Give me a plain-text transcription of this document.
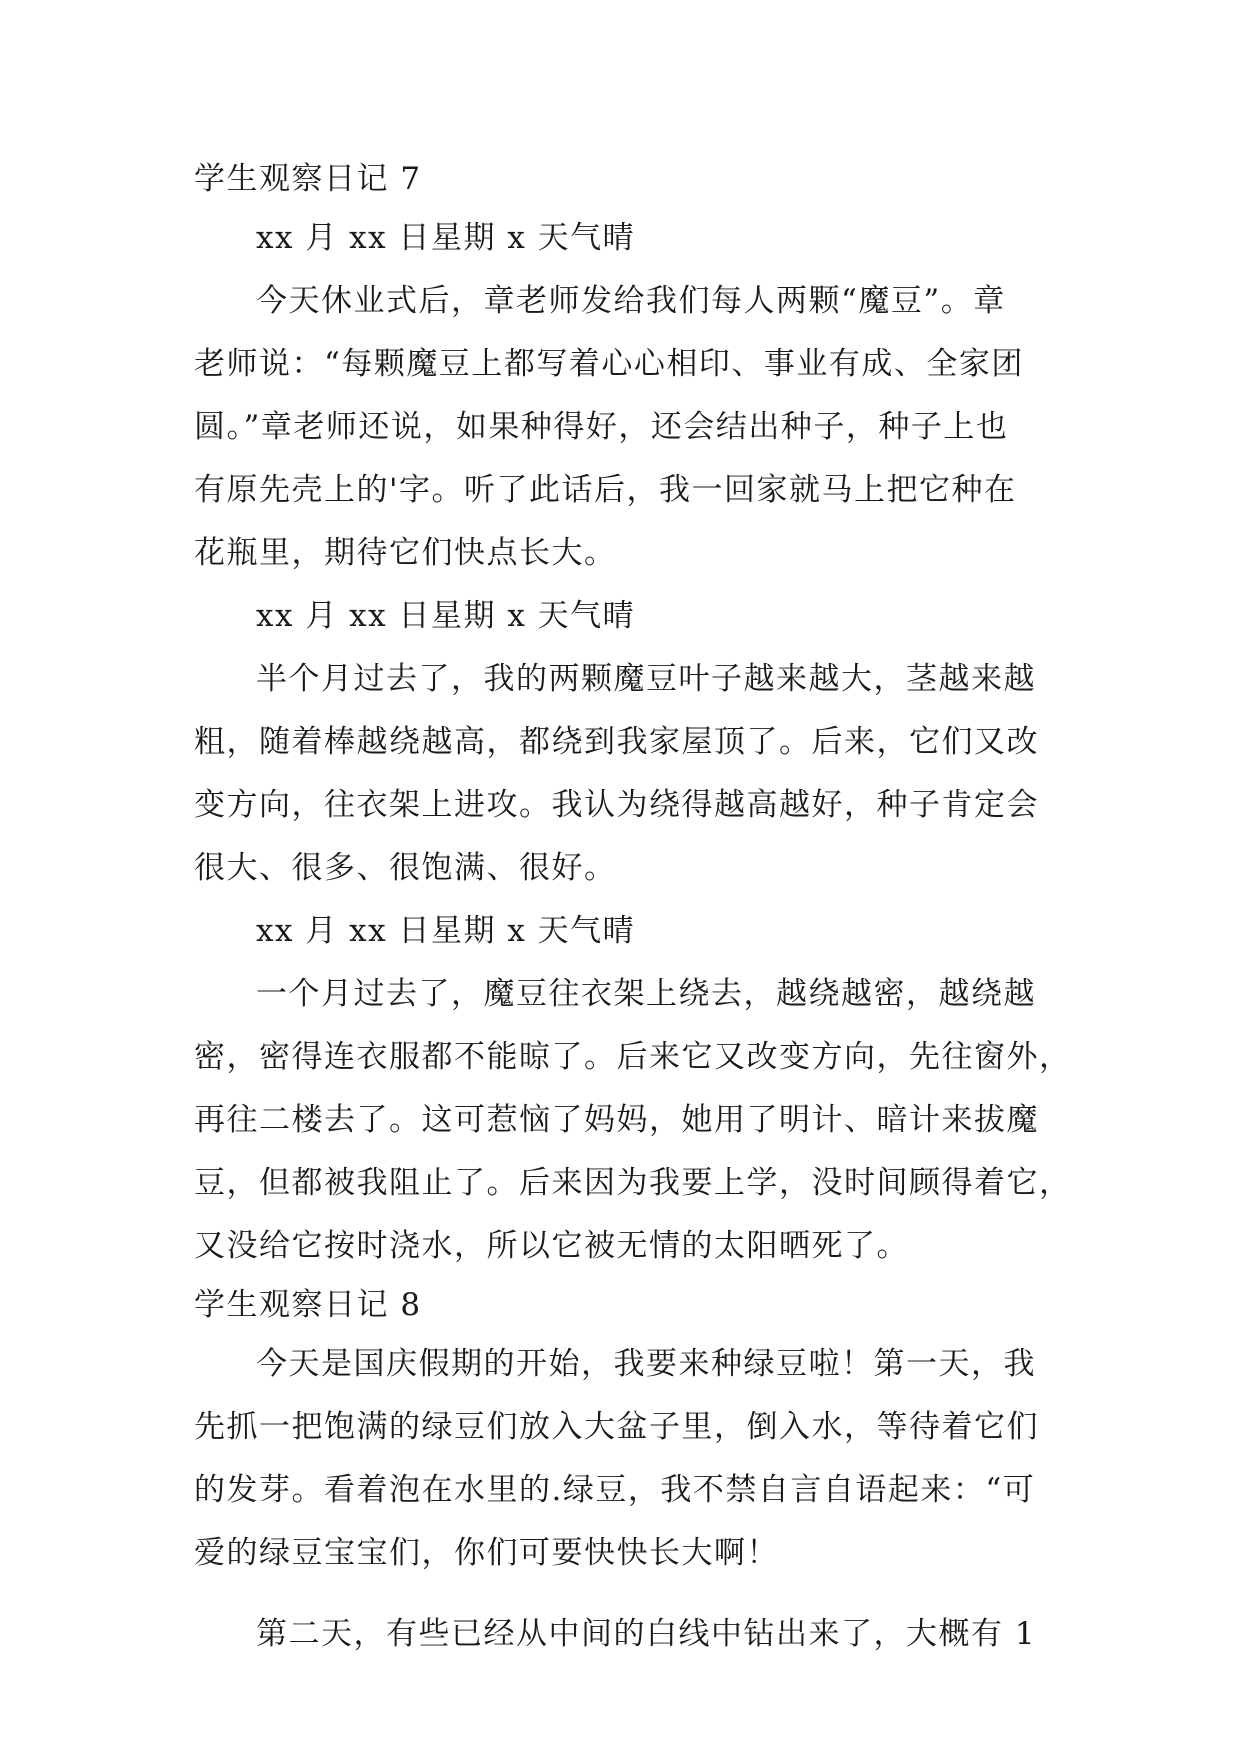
学生观察日记 7
xx 月 xx 日星期 x 天气晴
今天休业式后，章老师发给我们每人两颗“魔豆”。章
老师说：“每颗魔豆上都写着心心相印、事业有成、全家团
圆。”章老师还说，如果种得好，还会结出种子，种子上也
有原先壳上的'字。听了此话后，我一回家就马上把它种在
花瓶里，期待它们快点长大。
xx 月 xx 日星期 x 天气晴
半个月过去了，我的两颗魔豆叶子越来越大，茎越来越
粗，随着棒越绕越高，都绕到我家屋顶了。后来，它们又改
变方向，往衣架上进攻。我认为绕得越高越好，种子肯定会
很大、很多、很饱满、很好。
xx 月 xx 日星期 x 天气晴
一个月过去了，魔豆往衣架上绕去，越绕越密，越绕越
密，密得连衣服都不能晾了。后来它又改变方向，先往窗外，
再往二楼去了。这可惹恼了妈妈，她用了明计、暗计来拔魔
豆，但都被我阻止了。后来因为我要上学，没时间顾得着它，
又没给它按时浇水，所以它被无情的太阳晒死了。
学生观察日记 8
今天是国庆假期的开始，我要来种绿豆啦！第一天，我
先抓一把饱满的绿豆们放入大盆子里，倒入水，等待着它们
的发芽。看着泡在水里的.绿豆，我不禁自言自语起来：“可
爱的绿豆宝宝们，你们可要快快长大啊！
第二天，有些已经从中间的白线中钻出来了，大概有 1
